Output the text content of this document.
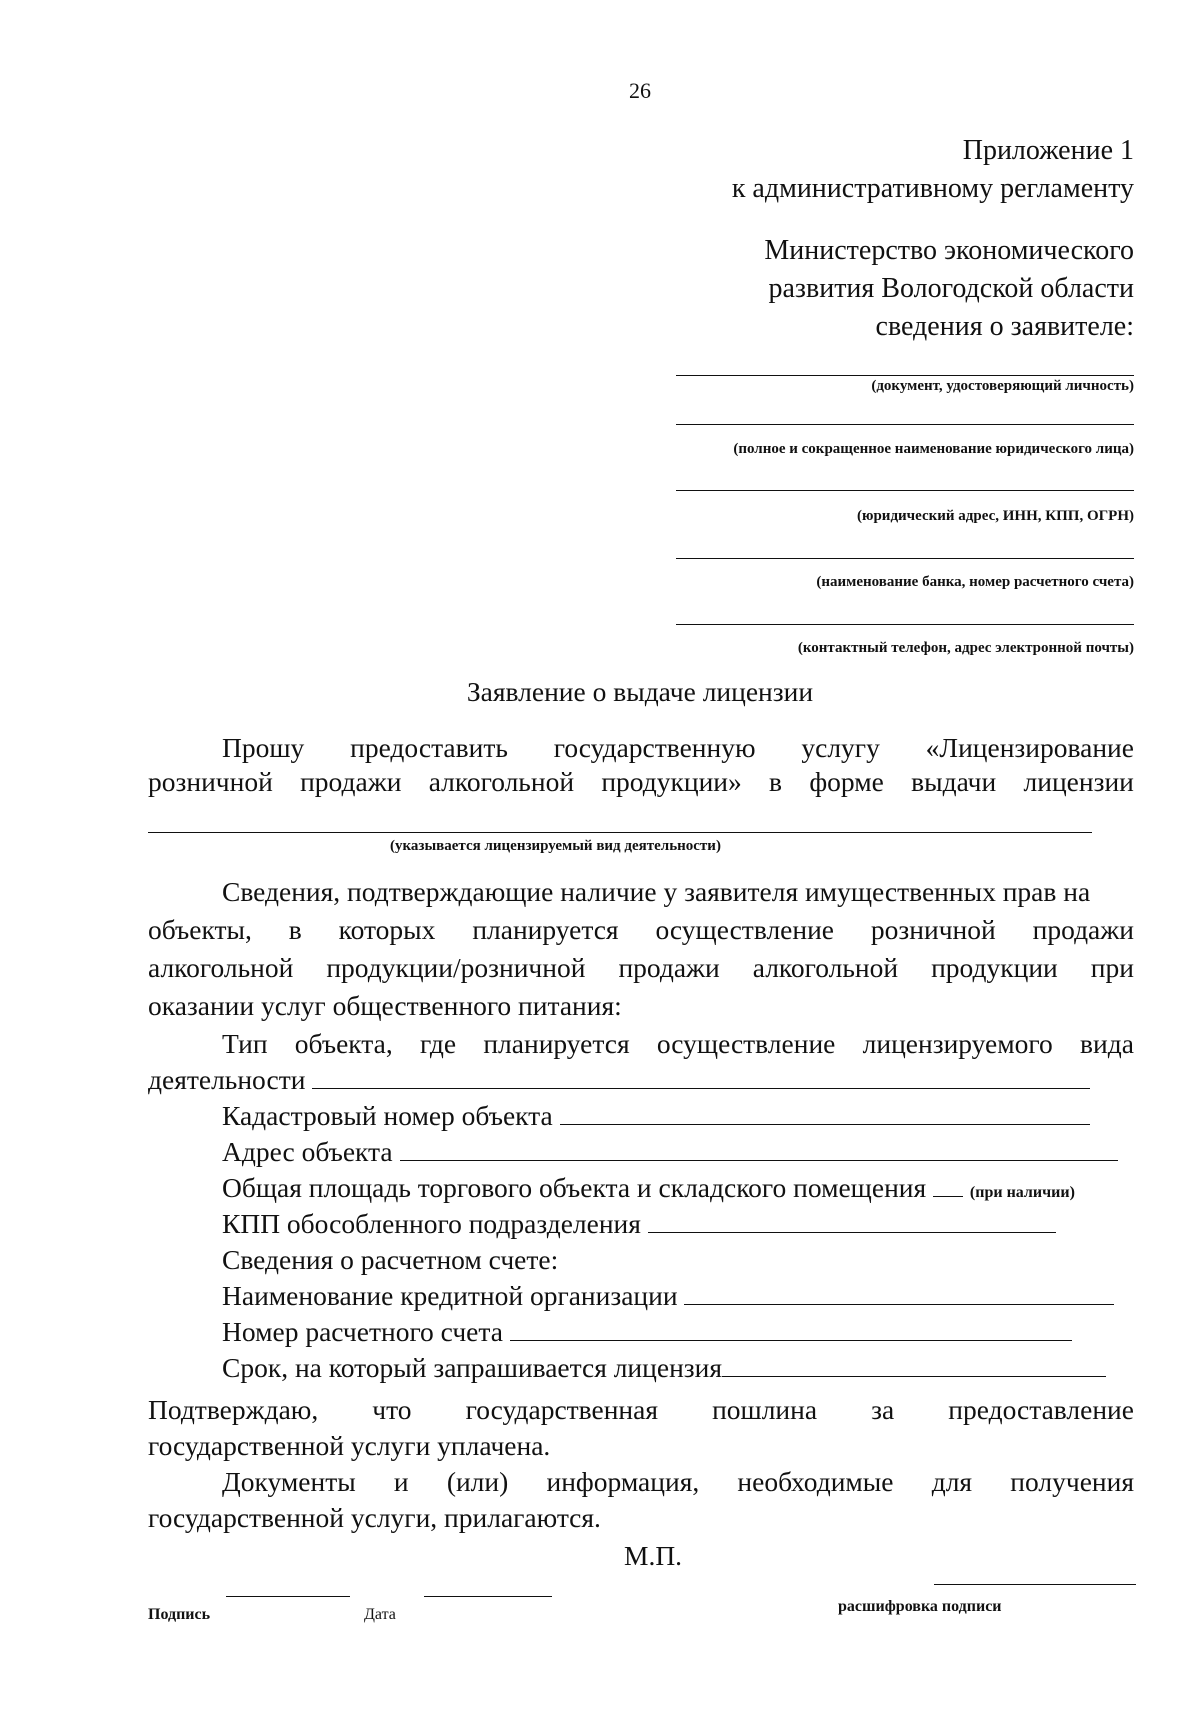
26
Приложение 1
к административному регламенту
Министерство экономического
развития Вологодской области
сведения о заявителе:
(документ, удостоверяющий личность)
(полное и сокращенное наименование юридического лица)
(юридический адрес, ИНН, КПП, ОГРН)
(наименование банка, номер расчетного счета)
(контактный телефон, адрес электронной почты)
Заявление о выдаче лицензии
Прошу предоставить государственную услугу «Лицензирование
розничной продажи алкогольной продукции» в форме выдачи лицензии
(указывается лицензируемый вид деятельности)
Сведения, подтверждающие наличие у заявителя имущественных прав на
объекты, в которых планируется осуществление розничной продажи
алкогольной продукции/розничной продажи алкогольной продукции при
оказании услуг общественного питания:
Тип объекта, где планируется осуществление лицензируемого вида
деятельности
Кадастровый номер объекта
Адрес объекта
Общая площадь торгового объекта и складского помещения	(при наличии)
КПП обособленного подразделения
Сведения о расчетном счете:
Наименование кредитной организации
Номер расчетного счета
Срок, на который запрашивается лицензия
Подтверждаю, что государственная пошлина за предоставление
государственной услуги уплачена.
Документы и (или) информация, необходимые для получения
государственной услуги, прилагаются.
М.П.
Подпись	Дата	расшифровка подписи
